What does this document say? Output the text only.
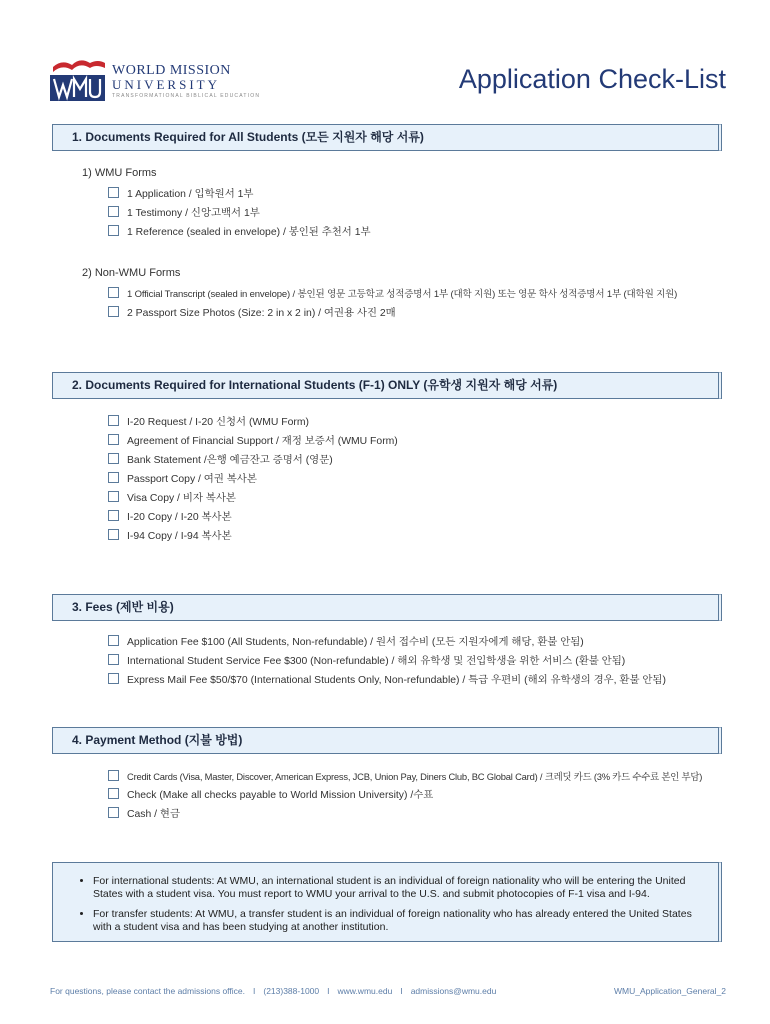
WORLD MISSION
UNIVERSITY
TRANSFORMATIONAL BIBLICAL EDUCATION
Application Check-List
1. Documents Required for All Students (모든 지원자 해당 서류)
1) WMU Forms
1 Application / 입학원서 1부
1 Testimony / 신앙고백서 1부
1 Reference (sealed in envelope) / 봉인된 추천서 1부
2) Non-WMU Forms
1 Official Transcript (sealed in envelope) / 봉인된 영문 고등학교 성적증명서 1부 (대학 지원) 또는 영문 학사 성적증명서 1부 (대학원 지원)
2 Passport Size Photos (Size: 2 in x 2 in) / 여권용 사진 2매
2. Documents Required for International Students (F-1) ONLY (유학생 지원자 해당 서류)
I-20 Request / I-20 신청서 (WMU Form)
Agreement of Financial Support / 재정 보증서 (WMU Form)
Bank Statement /은행 예금잔고 증명서 (영문)
Passport Copy / 여권 복사본
Visa Copy / 비자 복사본
I-20 Copy / I-20 복사본
I-94 Copy / I-94 복사본
3. Fees (제반 비용)
Application Fee $100 (All Students, Non-refundable) / 원서 접수비 (모든 지원자에게 해당, 환불 안됨)
International Student Service Fee $300 (Non-refundable) / 해외 유학생 및 전입학생을 위한 서비스 (환불 안됨)
Express Mail Fee $50/$70 (International Students Only, Non-refundable) / 특급 우편비 (해외 유학생의 경우, 환불 안됨)
4. Payment Method (지불 방법)
Credit Cards (Visa, Master, Discover, American Express, JCB, Union Pay, Diners Club, BC Global Card) / 크레딧 카드 (3% 카드 수수료 본인 부담)
Check (Make all checks payable to World Mission University) /수표
Cash / 현금
• For international students: At WMU, an international student is an individual of foreign nationality who will be entering the United States with a student visa. You must report to WMU your arrival to the U.S. and submit photocopies of F-1 visa and I-94.
• For transfer students: At WMU, a transfer student is an individual of foreign nationality who has already entered the United States with a student visa and has been studying at another institution.
For questions, please contact the admissions office. I (213)388-1000 I www.wmu.edu I admissions@wmu.edu	WMU_Application_General_2
